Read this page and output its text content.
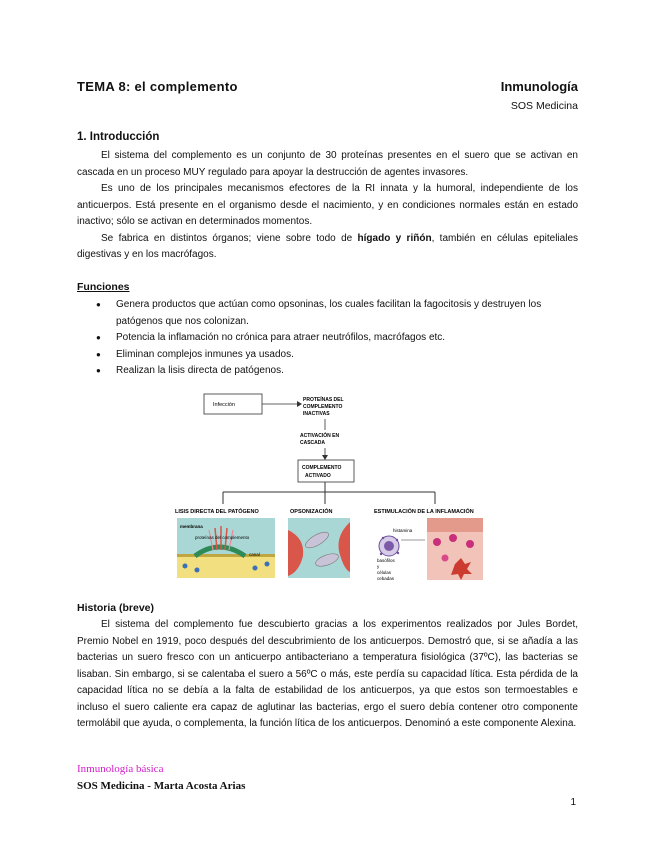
TEMA 8: el complemento	Inmunología
SOS Medicina
1. Introducción

El sistema del complemento es un conjunto de 30 proteínas presentes en el suero que se activan en cascada en un proceso MUY regulado para apoyar la destrucción de agentes invasores.

Es uno de los principales mecanismos efectores de la RI innata y la humoral, independiente de los anticuerpos. Está presente en el organismo desde el nacimiento, y en condiciones normales están en estado inactivo; sólo se activan en determinados momentos.

Se fabrica en distintos órganos; viene sobre todo de hígado y riñón, también en células epiteliales digestivas y en los macrófagos.

Funciones
● Genera productos que actúan como opsoninas, los cuales facilitan la fagocitosis y destruyen los patógenos que nos colonizan.
● Potencia la inflamación no crónica para atraer neutrófilos, macrófagos etc.
● Eliminan complejos inmunes ya usados.
● Realizan la lisis directa de patógenos.
Infección
PROTEÍNAS DEL
COMPLEMENTO
INACTIVAS
ACTIVACIÓN EN
CASCADA
COMPLEMENTO
ACTIVADO
LISIS DIRECTA DEL PATÓGENO	OPSONIZACIÓN	ESTIMULACIÓN DE LA INFLAMACIÓN
membrana
proteínas del complemento
canal
histamina
basófilos
y
células
cebadas
Historia (breve)

El sistema del complemento fue descubierto gracias a los experimentos realizados por Jules Bordet, Premio Nobel en 1919, poco después del descubrimiento de los anticuerpos. Demostró que, si se añadía a las bacterias un suero fresco con un anticuerpo antibacteriano a temperatura fisiológica (37ºC), las bacterias se lisaban. Sin embargo, si se calentaba el suero a 56ºC o más, este perdía su capacidad lítica. Esta pérdida de la capacidad lítica no se debía a la falta de estabilidad de los anticuerpos, ya que estos son termoestables e incluso el suero caliente era capaz de aglutinar las bacterias, ergo el suero debía contener otro componente termolábil que ayuda, o complementa, la función lítica de los anticuerpos. Denominó a este componente Alexina.

Inmunología básica
SOS Medicina - Marta Acosta Arias
1
